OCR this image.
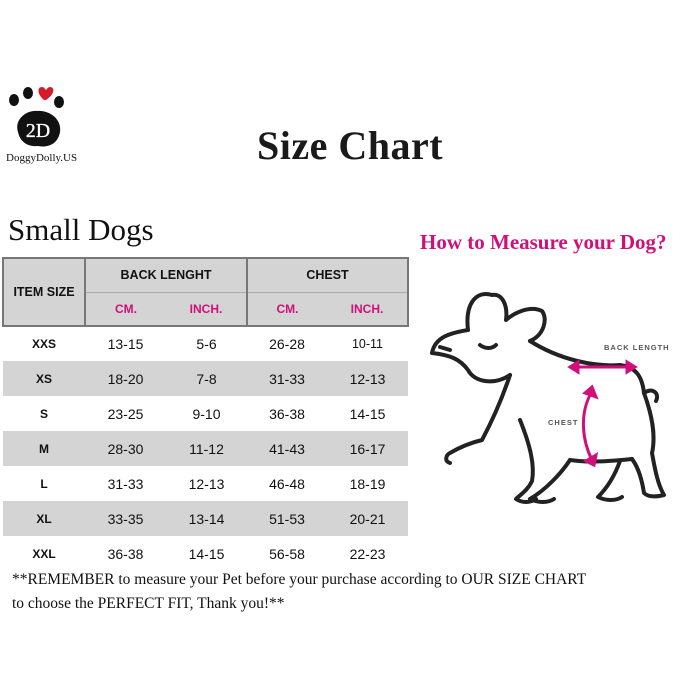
2D
DoggyDolly.US	Size Chart
Small Dogs	How to Measure your Dog?
ITEM SIZE	BACK LENGHT		CHEST	
	CM.	INCH.	CM.	INCH.
XXS	13-15	5-6	26-28	10-11
XS	18-20	7-8	31-33	12-13
S	23-25	9-10	36-38	14-15
M	28-30	11-12	41-43	16-17
L	31-33	12-13	46-48	18-19
XL	33-35	13-14	51-53	20-21
XXL	36-38	14-15	56-58	22-23
BACK LENGTH
CHEST
**REMEMBER to measure your Pet before your purchase according to OUR SIZE CHART
to choose the PERFECT FIT, Thank you!**
